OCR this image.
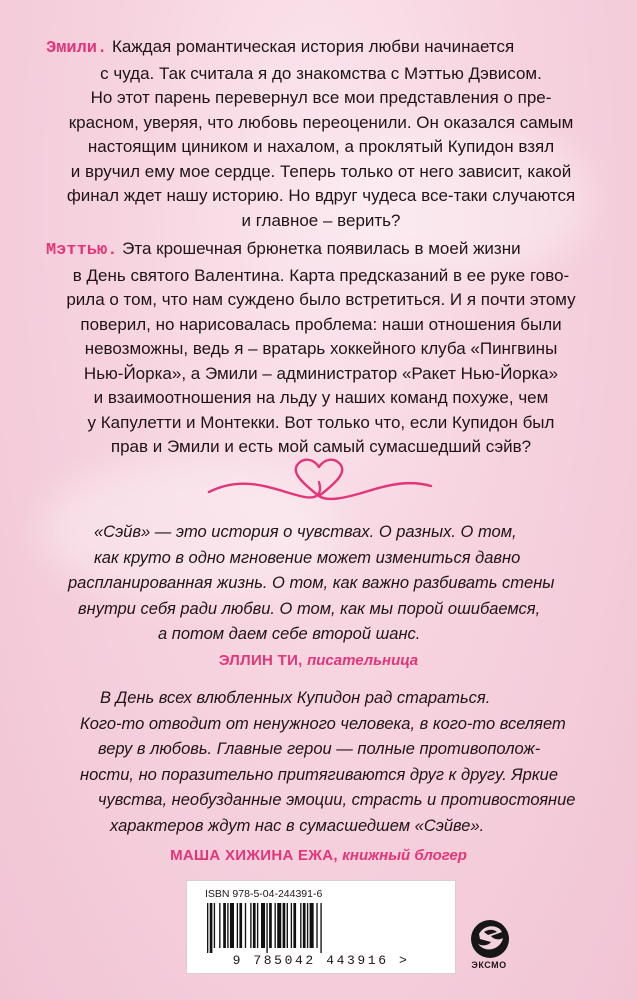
Эмили. Каждая романтическая история любви начинается
с чуда. Так считала я до знакомства с Мэттью Дэвисом.
Но этот парень перевернул все мои представления о пре-
красном, уверяя, что любовь переоценили. Он оказался самым
настоящим циником и нахалом, а проклятый Купидон взял
и вручил ему мое сердце. Теперь только от него зависит, какой
финал ждет нашу историю. Но вдруг чудеса все-таки случаются
и главное – верить?
Мэттью. Эта крошечная брюнетка появилась в моей жизни
в День святого Валентина. Карта предсказаний в ее руке гово-
рила о том, что нам суждено было встретиться. И я почти этому
поверил, но нарисовалась проблема: наши отношения были
невозможны, ведь я – вратарь хоккейного клуба «Пингвины
Нью-Йорка», а Эмили – администратор «Ракет Нью-Йорка»
и взаимоотношения на льду у наших команд похуже, чем
у Капулетти и Монтекки. Вот только что, если Купидон был
прав и Эмили и есть мой самый сумасшедший сэйв?
«Сэйв» — это история о чувствах. О разных. О том,
как круто в одно мгновение может измениться давно
распланированная жизнь. О том, как важно разбивать стены
внутри себя ради любви. О том, как мы порой ошибаемся,
а потом даем себе второй шанс.
ЭЛЛИН ТИ, писательница
В День всех влюбленных Купидон рад стараться.
Кого-то отводит от ненужного человека, в кого-то вселяет
веру в любовь. Главные герои — полные противополож-
ности, но поразительно притягиваются друг к другу. Яркие
чувства, необузданные эмоции, страсть и противостояние
характеров ждут нас в сумасшедшем «Сэйве».
МАША ХИЖИНА ЕЖА, книжный блогер
ISBN 978-5-04-244391-6
9 785042 443916 >	ЭКСМО
